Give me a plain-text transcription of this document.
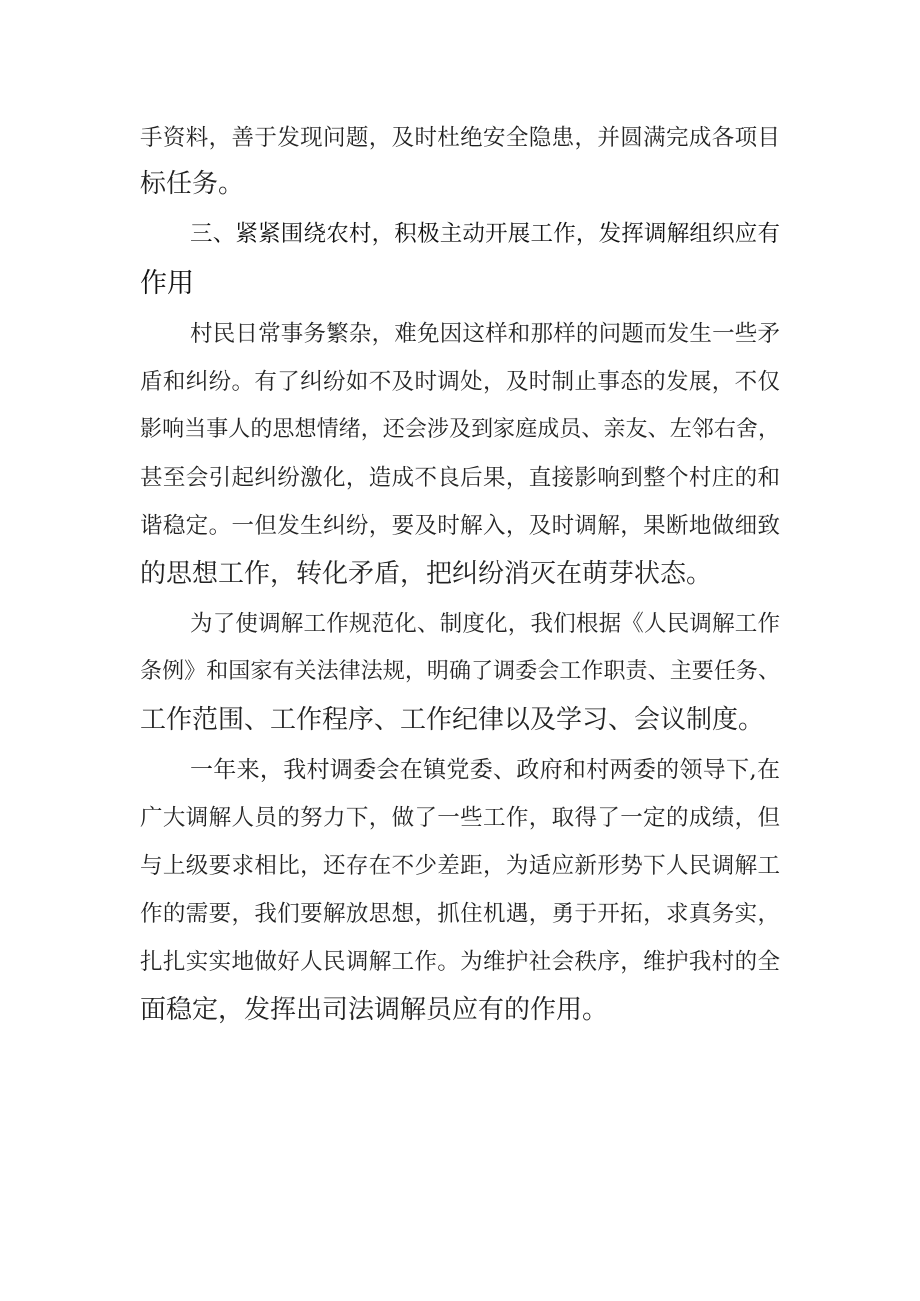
手资料，善于发现问题，及时杜绝安全隐患，并圆满完成各项目
标任务。
三、紧紧围绕农村，积极主动开展工作，发挥调解组织应有
作用
村民日常事务繁杂，难免因这样和那样的问题而发生一些矛
盾和纠纷。有了纠纷如不及时调处，及时制止事态的发展，不仅
影响当事人的思想情绪，还会涉及到家庭成员、亲友、左邻右舍，
甚至会引起纠纷激化，造成不良后果，直接影响到整个村庄的和
谐稳定。一但发生纠纷，要及时解入，及时调解，果断地做细致
的思想工作，转化矛盾，把纠纷消灭在萌芽状态。
为了使调解工作规范化、制度化，我们根据《人民调解工作
条例》和国家有关法律法规，明确了调委会工作职责、主要任务、
工作范围、工作程序、工作纪律以及学习、会议制度。
一年来，我村调委会在镇党委、政府和村两委的领导下,在
广大调解人员的努力下，做了一些工作，取得了一定的成绩，但
与上级要求相比，还存在不少差距，为适应新形势下人民调解工
作的需要，我们要解放思想，抓住机遇，勇于开拓，求真务实，
扎扎实实地做好人民调解工作。为维护社会秩序，维护我村的全
面稳定，发挥出司法调解员应有的作用。
